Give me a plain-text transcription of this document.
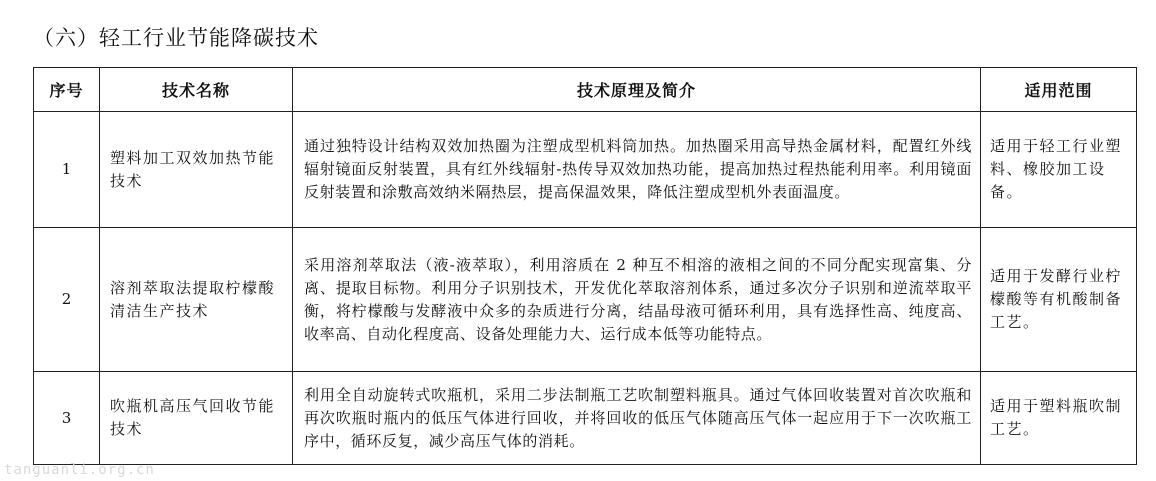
（六）轻工行业节能降碳技术
序号	技术名称	技术原理及简介	适用范围
1	塑料加工双效加热节能技术	通过独特设计结构双效加热圈为注塑成型机料筒加热。加热圈采用高导热金属材料，配置红外线辐射镜面反射装置，具有红外线辐射-热传导双效加热功能，提高加热过程热能利用率。利用镜面反射装置和涂敷高效纳米隔热层，提高保温效果，降低注塑成型机外表面温度。	适用于轻工行业塑料、橡胶加工设备。
2	溶剂萃取法提取柠檬酸清洁生产技术	采用溶剂萃取法（液-液萃取），利用溶质在 2 种互不相溶的液相之间的不同分配实现富集、分离、提取目标物。利用分子识别技术，开发优化萃取溶剂体系，通过多次分子识别和逆流萃取平衡，将柠檬酸与发酵液中众多的杂质进行分离，结晶母液可循环利用，具有选择性高、纯度高、收率高、自动化程度高、设备处理能力大、运行成本低等功能特点。	适用于发酵行业柠檬酸等有机酸制备工艺。
3	吹瓶机高压气回收节能技术	利用全自动旋转式吹瓶机，采用二步法制瓶工艺吹制塑料瓶具。通过气体回收装置对首次吹瓶和再次吹瓶时瓶内的低压气体进行回收，并将回收的低压气体随高压气体一起应用于下一次吹瓶工序中，循环反复，减少高压气体的消耗。	适用于塑料瓶吹制工艺。
tanguanli.org.cn
